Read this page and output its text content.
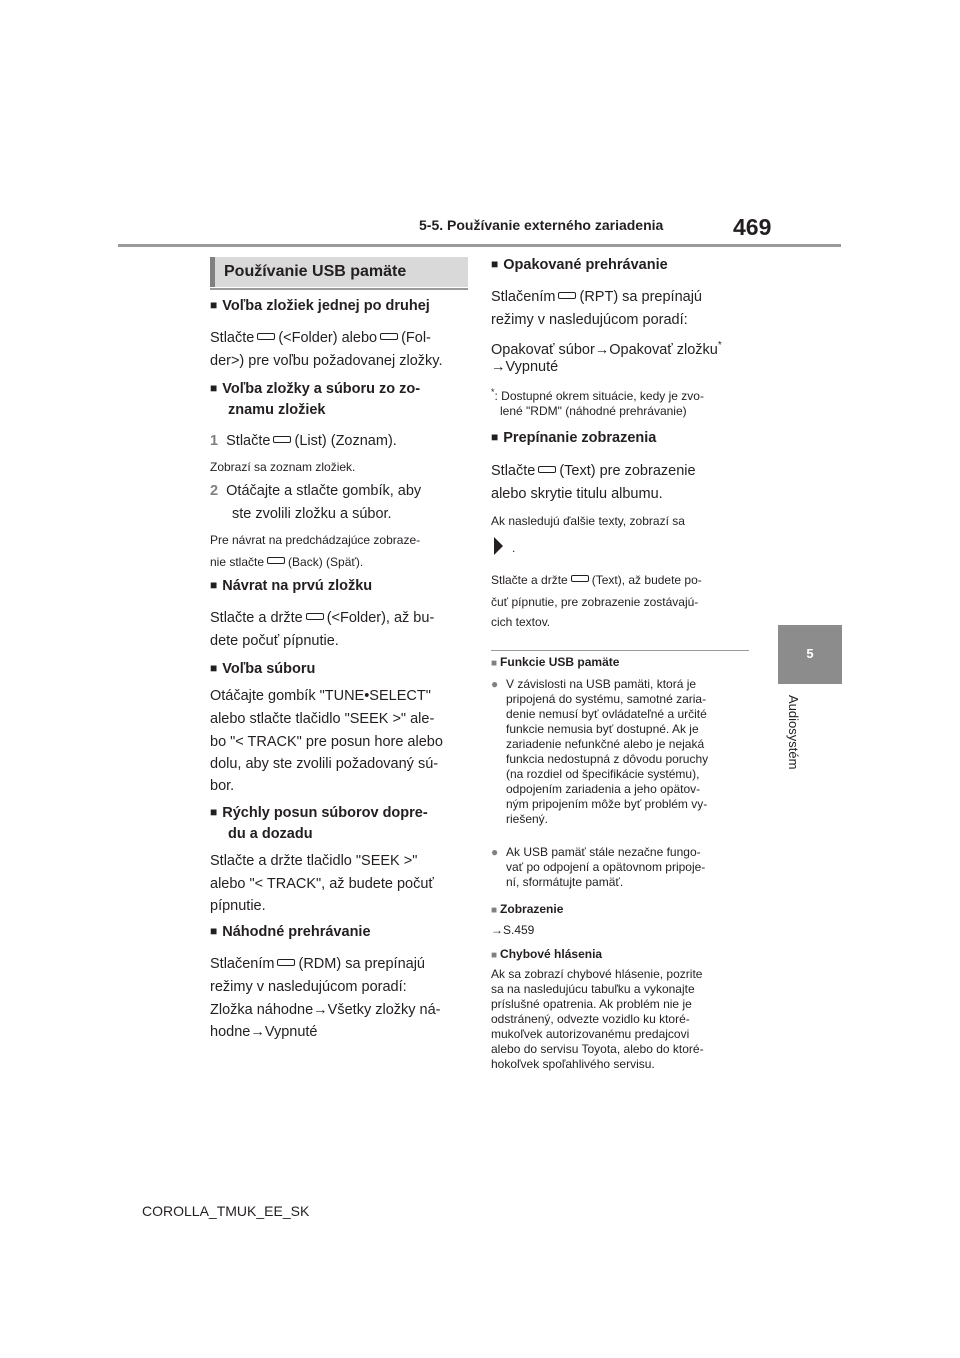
5-5. Používanie externého zariadenia	469
5
Audiosystém
Používanie USB pamäte
■ Voľba zložiek jednej po druhej
Stlačte (<Folder) alebo (Fol-
der>) pre voľbu požadovanej zložky.
■ Voľba zložky a súboru zo zo-
znamu zložiek
1 Stlačte (List) (Zoznam).
Zobrazí sa zoznam zložiek.
2 Otáčajte a stlačte gombík, aby
ste zvolili zložku a súbor.
Pre návrat na predchádzajúce zobraze-
nie stlačte (Back) (Späť).
■ Návrat na prvú zložku
Stlačte a držte (<Folder), až bu-
dete počuť pípnutie.
■ Voľba súboru
Otáčajte gombík "TUNE•SELECT"
alebo stlačte tlačidlo "SEEK >" ale-
bo "< TRACK" pre posun hore alebo
dolu, aby ste zvolili požadovaný sú-
bor.
■ Rýchly posun súborov dopre-
du a dozadu
Stlačte a držte tlačidlo "SEEK >"
alebo "< TRACK", až budete počuť
pípnutie.
■ Náhodné prehrávanie
Stlačením (RDM) sa prepínajú
režimy v nasledujúcom poradí:
Zložka náhodne→Všetky zložky ná-
hodne→Vypnuté
■ Opakované prehrávanie
Stlačením (RPT) sa prepínajú
režimy v nasledujúcom poradí:
Opakovať súbor→Opakovať zložku*
→Vypnuté
*: Dostupné okrem situácie, kedy je zvo-
lené "RDM" (náhodné prehrávanie)
■ Prepínanie zobrazenia
Stlačte (Text) pre zobrazenie
alebo skrytie titulu albumu.
Ak nasledujú ďalšie texty, zobrazí sa
.
Stlačte a držte (Text), až budete po-
čuť pípnutie, pre zobrazenie zostávajú-
cich textov.
■ Funkcie USB pamäte
● V závislosti na USB pamäti, ktorá je
pripojená do systému, samotné zaria-
denie nemusí byť ovládateľné a určité
funkcie nemusia byť dostupné. Ak je
zariadenie nefunkčné alebo je nejaká
funkcia nedostupná z dôvodu poruchy
(na rozdiel od špecifikácie systému),
odpojením zariadenia a jeho opätov-
ným pripojením môže byť problém vy-
riešený.
● Ak USB pamäť stále nezačne fungo-
vať po odpojení a opätovnom pripoje-
ní, sformátujte pamäť.
■ Zobrazenie
→S.459
■ Chybové hlásenia
Ak sa zobrazí chybové hlásenie, pozrite
sa na nasledujúcu tabuľku a vykonajte
príslušné opatrenia. Ak problém nie je
odstránený, odvezte vozidlo ku ktoré-
mukoľvek autorizovanému predajcovi
alebo do servisu Toyota, alebo do ktoré-
hokoľvek spoľahlivého servisu.
COROLLA_TMUK_EE_SK
